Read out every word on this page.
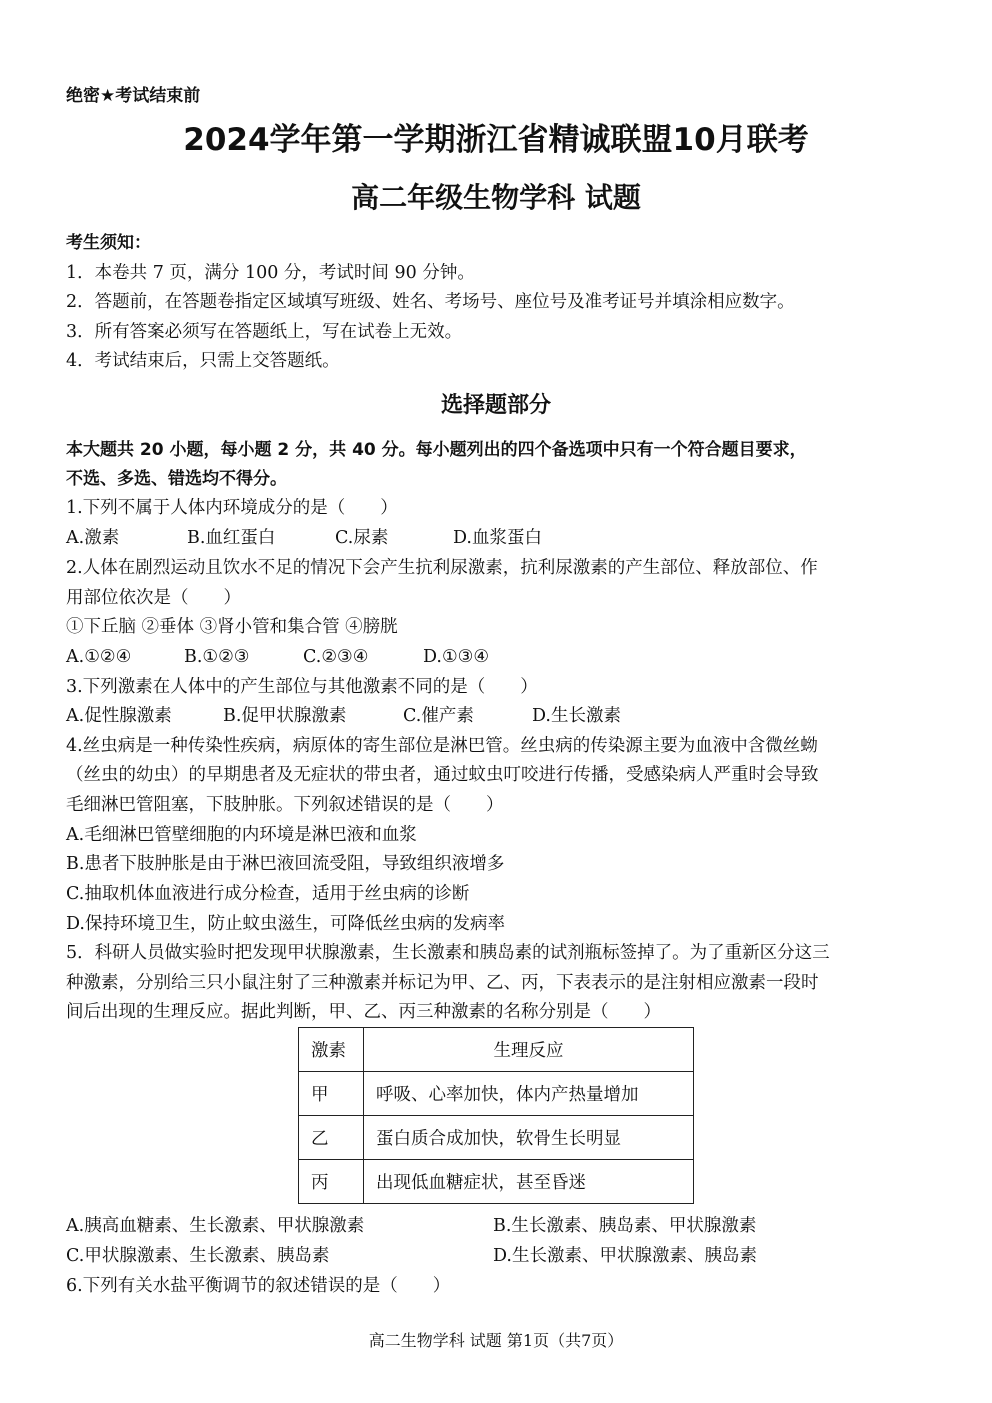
绝密★考试结束前
2024学年第一学期浙江省精诚联盟10月联考
高二年级生物学科 试题
考生须知：
1．本卷共 7 页，满分 100 分，考试时间 90 分钟。
2．答题前，在答题卷指定区域填写班级、姓名、考场号、座位号及准考证号并填涂相应数字。
3．所有答案必须写在答题纸上，写在试卷上无效。
4．考试结束后，只需上交答题纸。
选择题部分
本大题共 20 小题，每小题 2 分，共 40 分。每小题列出的四个备选项中只有一个符合题目要求，
不选、多选、错选均不得分。
1.下列不属于人体内环境成分的是（　　）
A.激素	B.血红蛋白	C.尿素	D.血浆蛋白
2.人体在剧烈运动且饮水不足的情况下会产生抗利尿激素，抗利尿激素的产生部位、释放部位、作
用部位依次是（　　）
①下丘脑 ②垂体 ③肾小管和集合管 ④膀胱
A.①②④	B.①②③	C.②③④	D.①③④
3.下列激素在人体中的产生部位与其他激素不同的是（　　）
A.促性腺激素	B.促甲状腺激素	C.催产素	D.生长激素
4.丝虫病是一种传染性疾病，病原体的寄生部位是淋巴管。丝虫病的传染源主要为血液中含微丝蚴
（丝虫的幼虫）的早期患者及无症状的带虫者，通过蚊虫叮咬进行传播，受感染病人严重时会导致
毛细淋巴管阻塞，下肢肿胀。下列叙述错误的是（　　）
A.毛细淋巴管壁细胞的内环境是淋巴液和血浆
B.患者下肢肿胀是由于淋巴液回流受阻，导致组织液增多
C.抽取机体血液进行成分检查，适用于丝虫病的诊断
D.保持环境卫生，防止蚊虫滋生，可降低丝虫病的发病率
5．科研人员做实验时把发现甲状腺激素，生长激素和胰岛素的试剂瓶标签掉了。为了重新区分这三
种激素，分别给三只小鼠注射了三种激素并标记为甲、乙、丙，下表表示的是注射相应激素一段时
间后出现的生理反应。据此判断，甲、乙、丙三种激素的名称分别是（　　）
激素	生理反应
甲	呼吸、心率加快，体内产热量增加
乙	蛋白质合成加快，软骨生长明显
丙	出现低血糖症状，甚至昏迷
A.胰高血糖素、生长激素、甲状腺激素	B.生长激素、胰岛素、甲状腺激素
C.甲状腺激素、生长激素、胰岛素	D.生长激素、甲状腺激素、胰岛素
6.下列有关水盐平衡调节的叙述错误的是（　　）
高二生物学科 试题 第1页（共7页）
